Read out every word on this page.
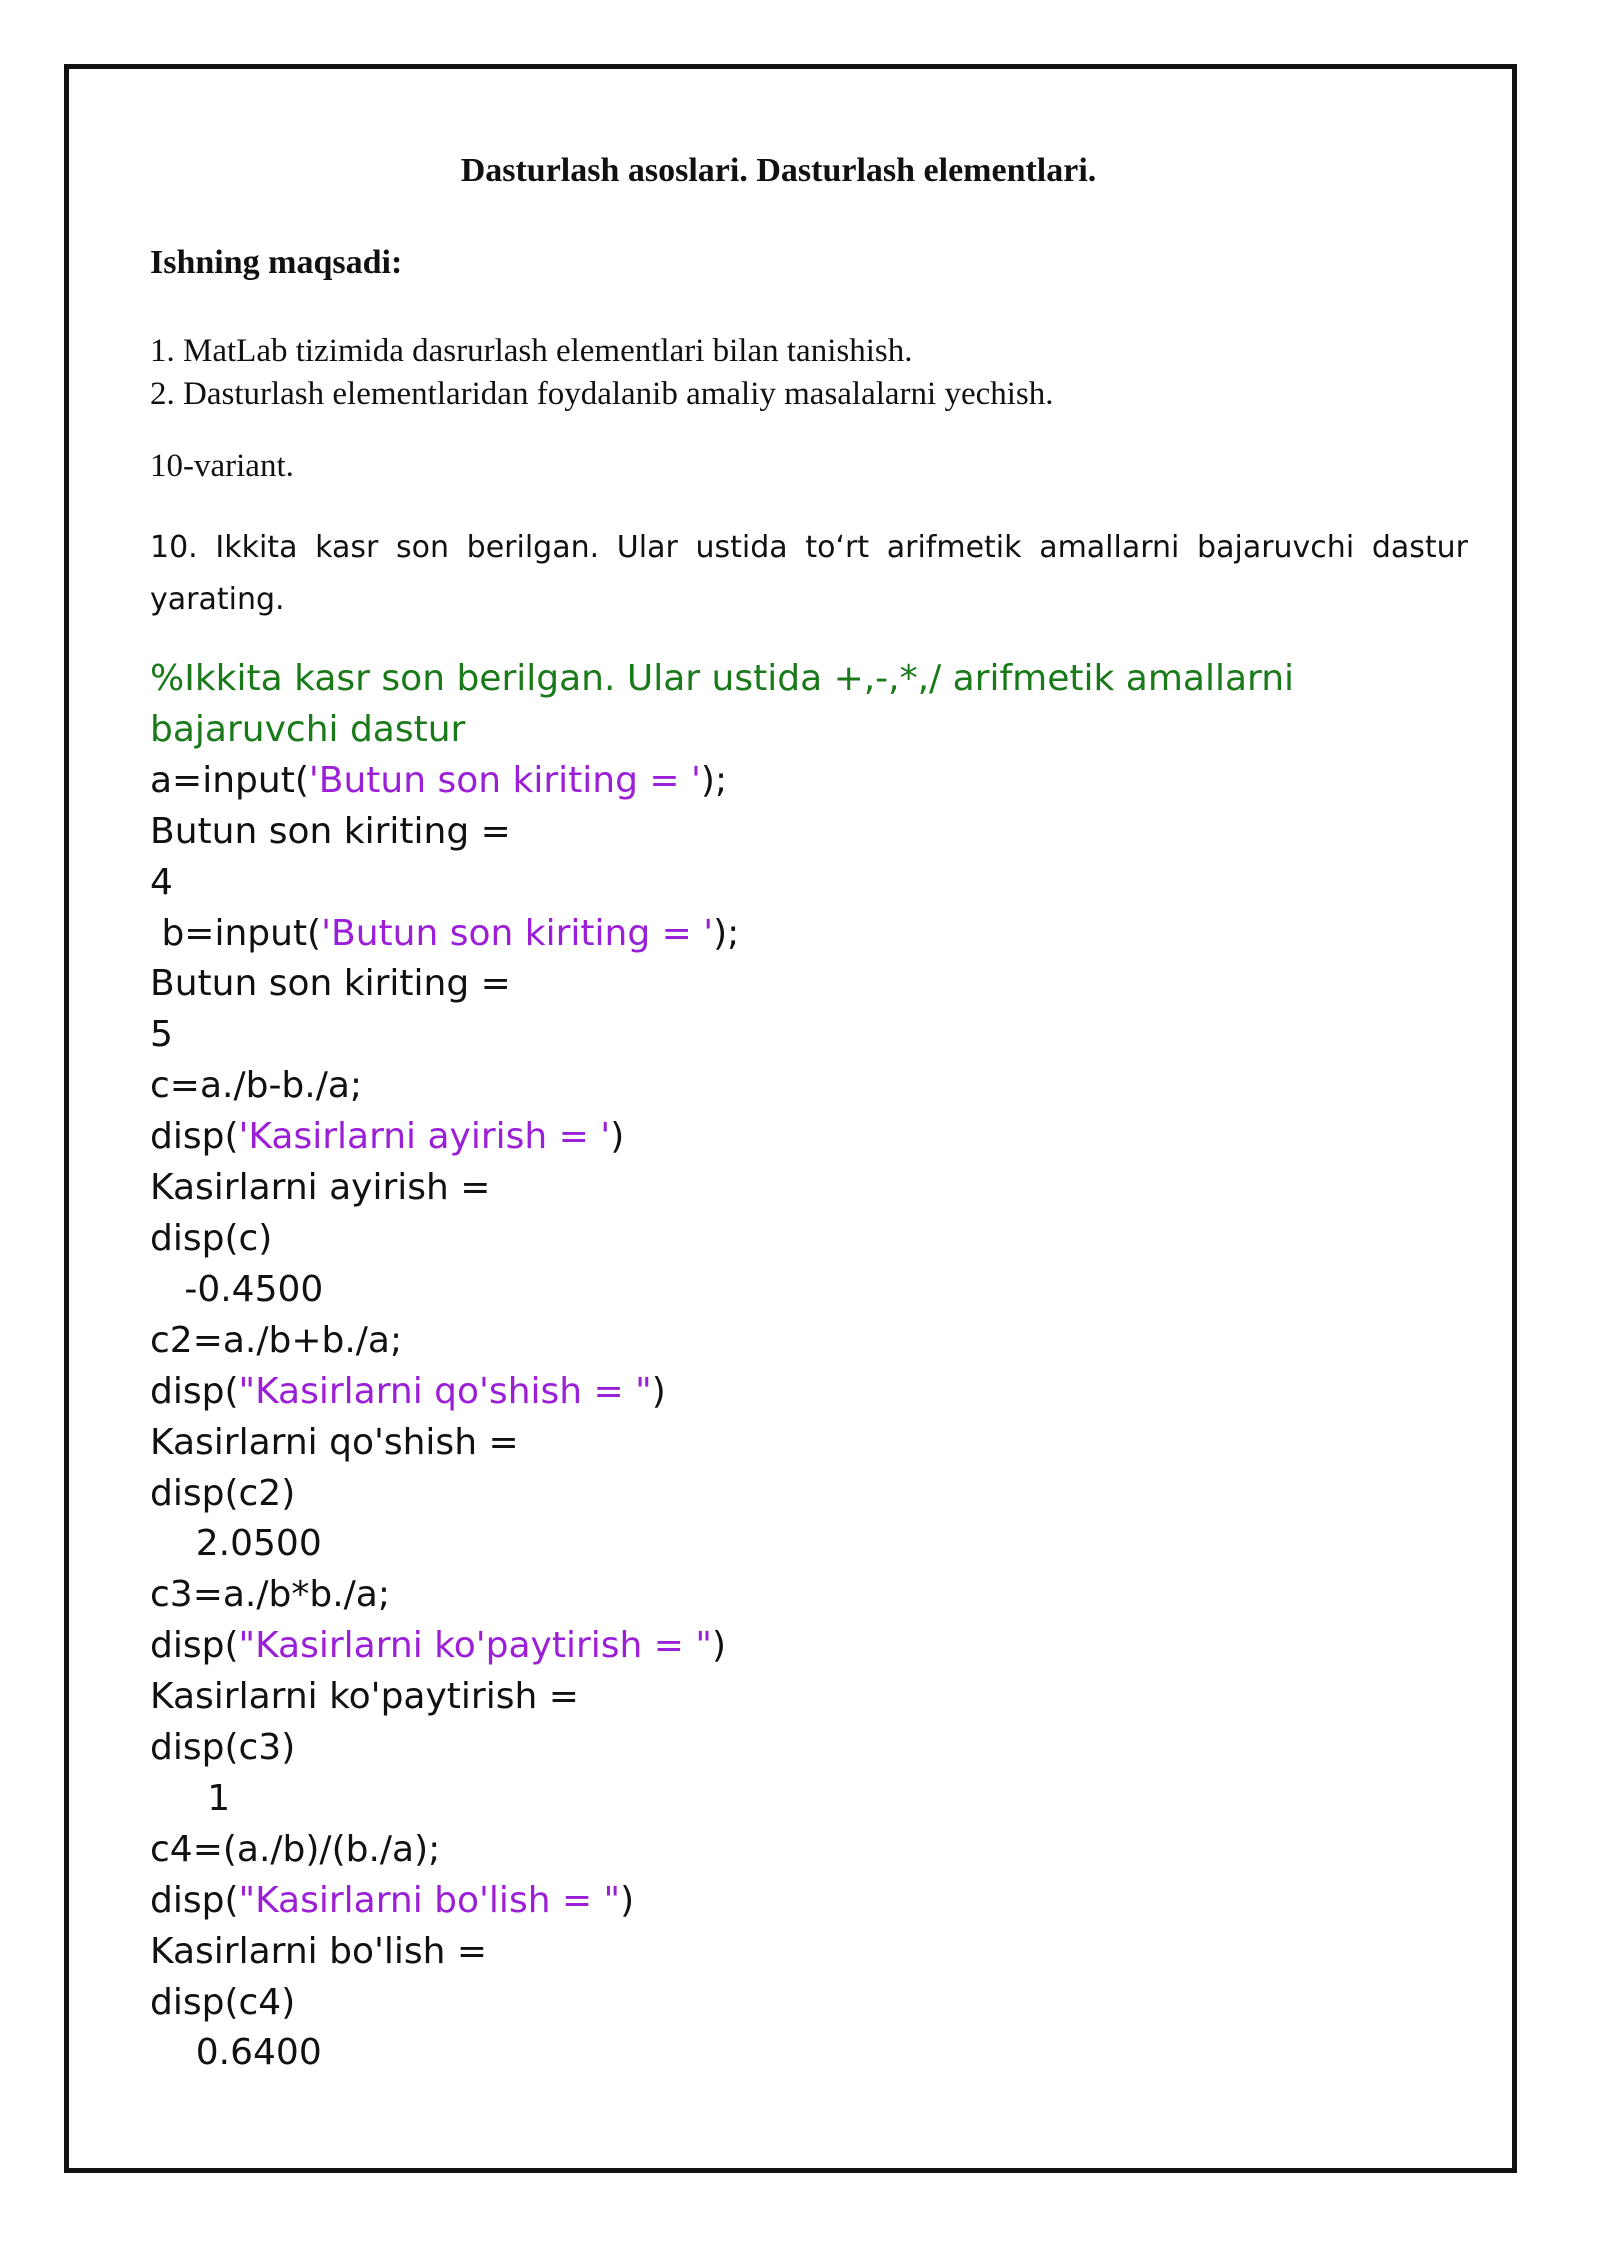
Dasturlash asoslari. Dasturlash elementlari.
Ishning maqsadi:
1. MatLab tizimida dasrurlash elementlari bilan tanishish.
2. Dasturlash elementlaridan foydalanib amaliy masalalarni yechish.

10-variant.

10. Ikkita kasr son berilgan. Ular ustida to‘rt arifmetik amallarni bajaruvchi dastur yarating.

%Ikkita kasr son berilgan. Ular ustida +,-,*,/ arifmetik amallarni bajaruvchi dastur
a=input('Butun son kiriting = ');
Butun son kiriting =
4
b=input('Butun son kiriting = ');
Butun son kiriting =
5
c=a./b-b./a;
disp('Kasirlarni ayirish = ')
Kasirlarni ayirish =
disp(c)
-0.4500
c2=a./b+b./a;
disp("Kasirlarni qo'shish = ")
Kasirlarni qo'shish =
disp(c2)
2.0500
c3=a./b*b./a;
disp("Kasirlarni ko'paytirish = ")
Kasirlarni ko'paytirish =
disp(c3)
1
c4=(a./b)/(b./a);
disp("Kasirlarni bo'lish = ")
Kasirlarni bo'lish =
disp(c4)
0.6400
